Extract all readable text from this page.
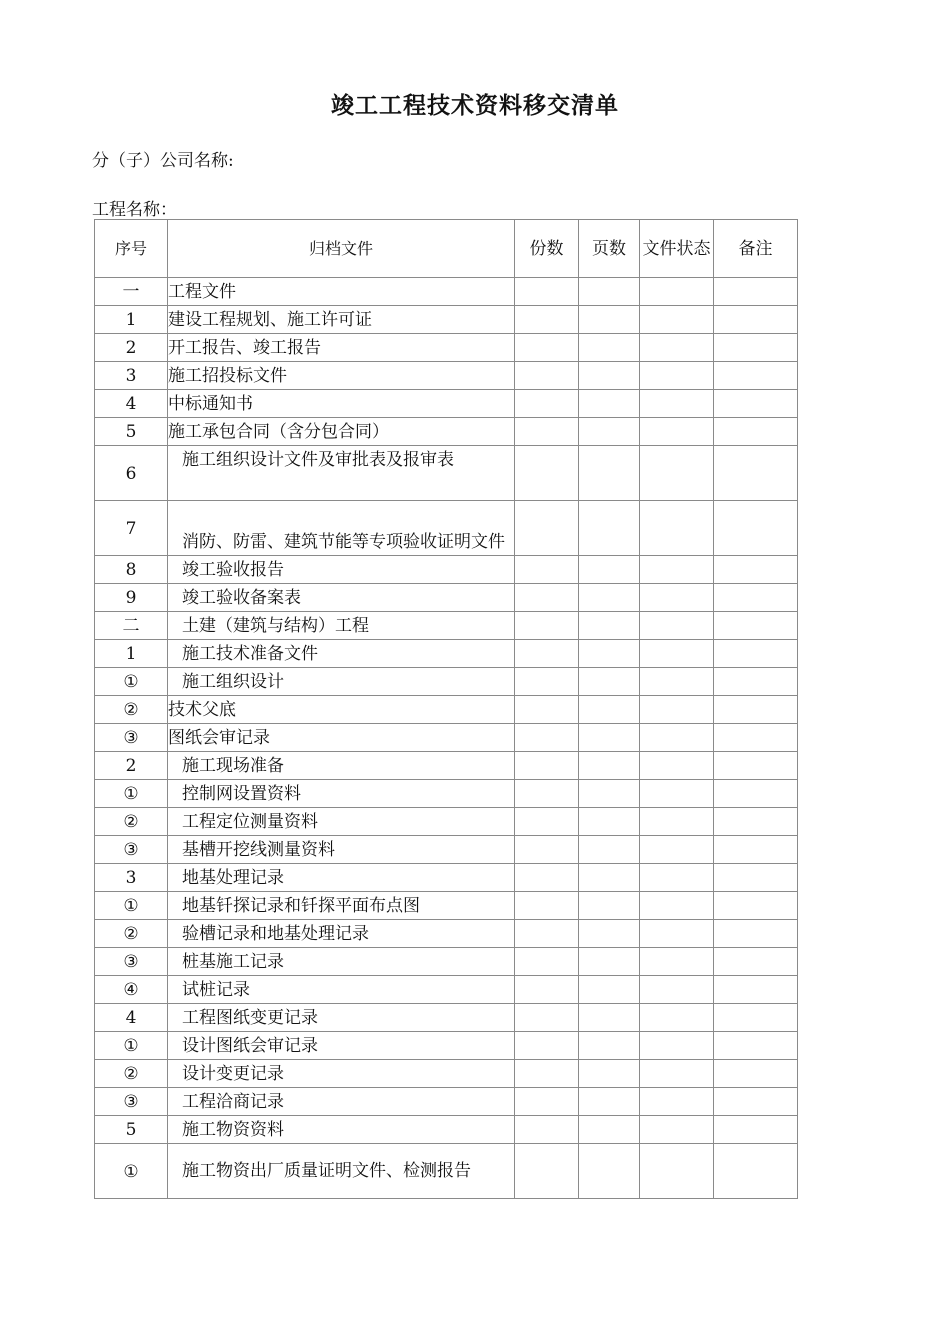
竣工工程技术资料移交清单
分（子）公司名称:
工程名称：
序号	归档文件	份数	页数	文件状态	备注
一	工程文件				
1	建设工程规划、施工许可证				
2	开工报告、竣工报告				
3	施工招投标文件				
4	中标通知书				
5	施工承包合同（含分包合同）				
6	施工组织设计文件及审批表及报审表				
7	消防、防雷、建筑节能等专项验收证明文件				
8	竣工验收报告				
9	竣工验收备案表				
二	土建（建筑与结构）工程				
1	施工技术准备文件				
①	施工组织设计				
②	技术父底				
③	图纸会审记录				
2	施工现场准备				
①	控制网设置资料				
②	工程定位测量资料				
③	基槽开挖线测量资料				
3	地基处理记录				
①	地基钎探记录和钎探平面布点图				
②	验槽记录和地基处理记录				
③	桩基施工记录				
④	试桩记录				
4	工程图纸变更记录				
①	设计图纸会审记录				
②	设计变更记录				
③	工程洽商记录				
5	施工物资资料				
①	施工物资出厂质量证明文件、检测报告				
